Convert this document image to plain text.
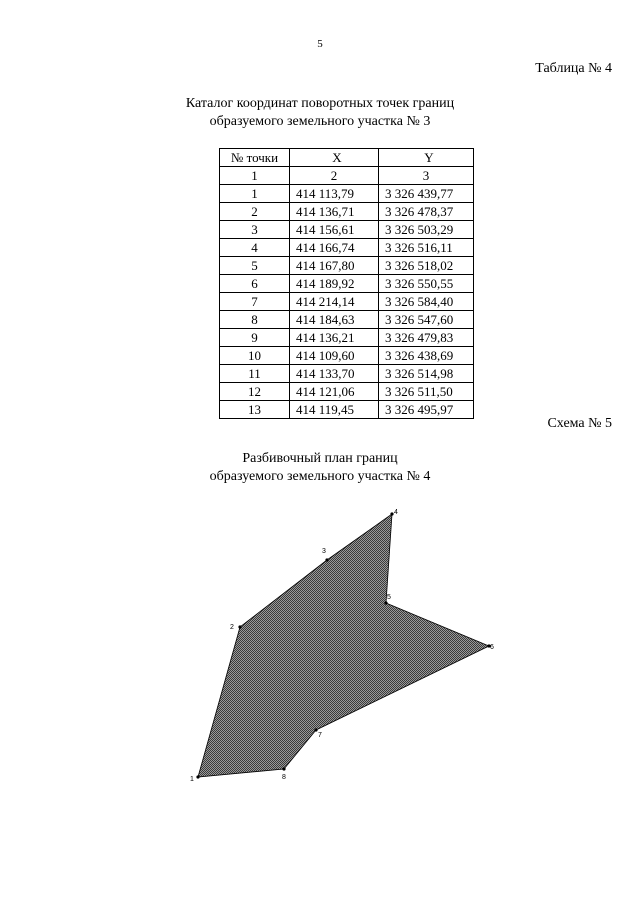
5
Таблица № 4
Каталог координат поворотных точек границ
образуемого земельного участка № 3
№ точки	X	Y
1	2	3
1	414 113,79	3 326 439,77
2	414 136,71	3 326 478,37
3	414 156,61	3 326 503,29
4	414 166,74	3 326 516,11
5	414 167,80	3 326 518,02
6	414 189,92	3 326 550,55
7	414 214,14	3 326 584,40
8	414 184,63	3 326 547,60
9	414 136,21	3 326 479,83
10	414 109,60	3 326 438,69
11	414 133,70	3 326 514,98
12	414 121,06	3 326 511,50
13	414 119,45	3 326 495,97
Схема № 5
Разбивочный план границ
образуемого земельного участка № 4
1
2
3
4
5
6
7
8
